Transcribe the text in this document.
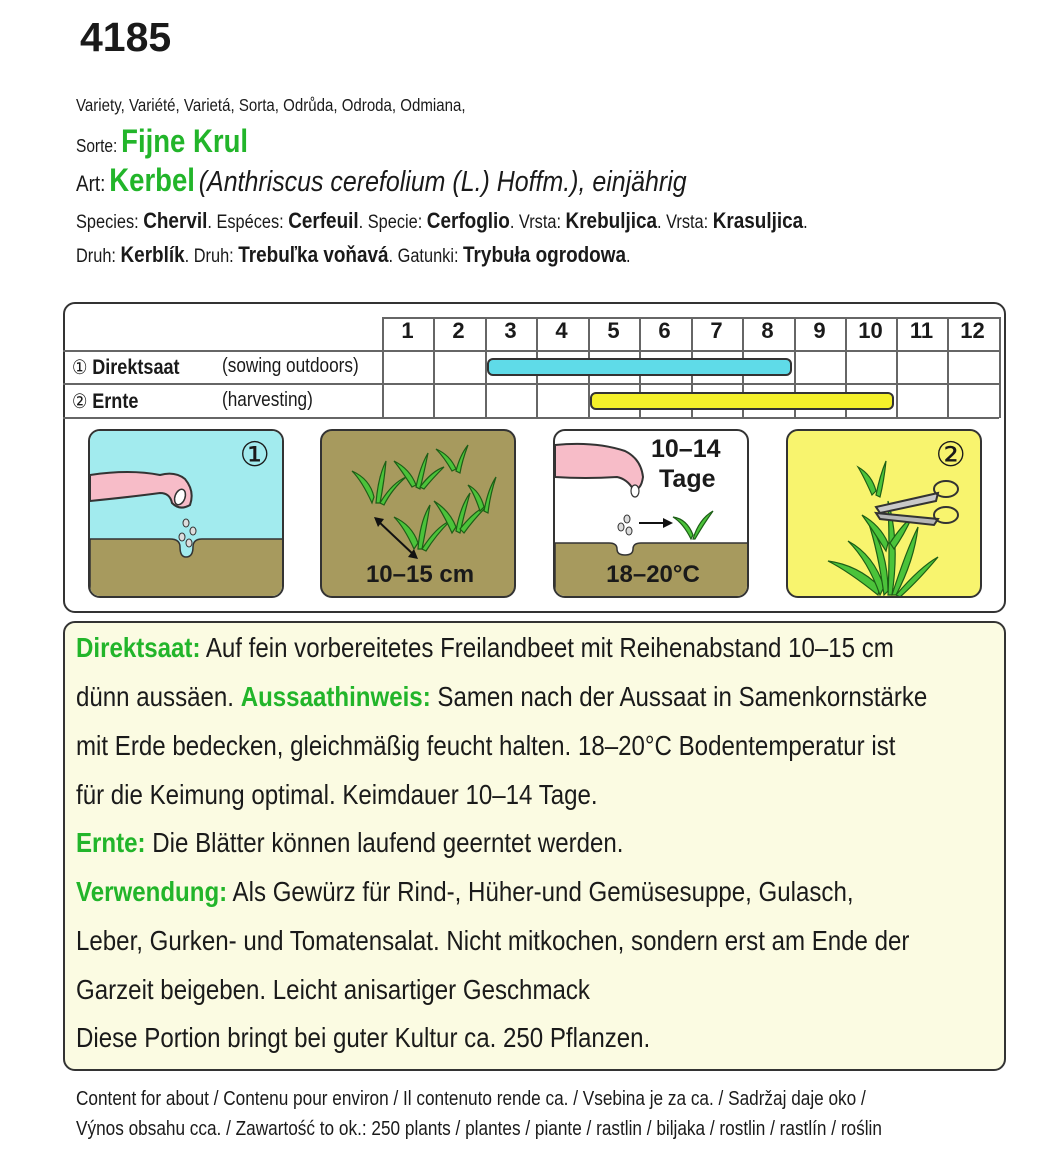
4185
Variety, Variété, Varietá, Sorta, Odrůda, Odroda, Odmiana,
Sorte: Fijne Krul
Art: Kerbel (Anthriscus cerefolium (L.) Hoffm.), einjährig
Species: Chervil. Espéces: Cerfeuil. Specie: Cerfoglio. Vrsta: Krebuljica. Vrsta: Krasuljica.
Druh: Kerblík. Druh: Trebuľka voňavá. Gatunki: Trybuła ogrodowa.
1	2	3	4	5	6	7	8	9	10	11	12
① Direktsaat	(sowing outdoors)
② Ernte	(harvesting)
①
10–15 cm
10–14
Tage
18–20°C
②
Direktsaat: Auf fein vorbereitetes Freilandbeet mit Reihenabstand 10–15 cm
dünn aussäen. Aussaathinweis: Samen nach der Aussaat in Samenkornstärke
mit Erde bedecken, gleichmäßig feucht halten. 18–20°C Bodentemperatur ist
für die Keimung optimal. Keimdauer 10–14 Tage.
Ernte: Die Blätter können laufend geerntet werden.
Verwendung: Als Gewürz für Rind-, Hüher-und Gemüsesuppe, Gulasch,
Leber, Gurken- und Tomatensalat. Nicht mitkochen, sondern erst am Ende der
Garzeit beigeben. Leicht anisartiger Geschmack
Diese Portion bringt bei guter Kultur ca. 250 Pflanzen.
Content for about / Contenu pour environ / Il contenuto rende ca. / Vsebina je za ca. / Sadržaj daje oko /
Výnos obsahu cca. / Zawartość to ok.: 250 plants / plantes / piante / rastlin / biljaka / rostlin / rastlín / roślin
